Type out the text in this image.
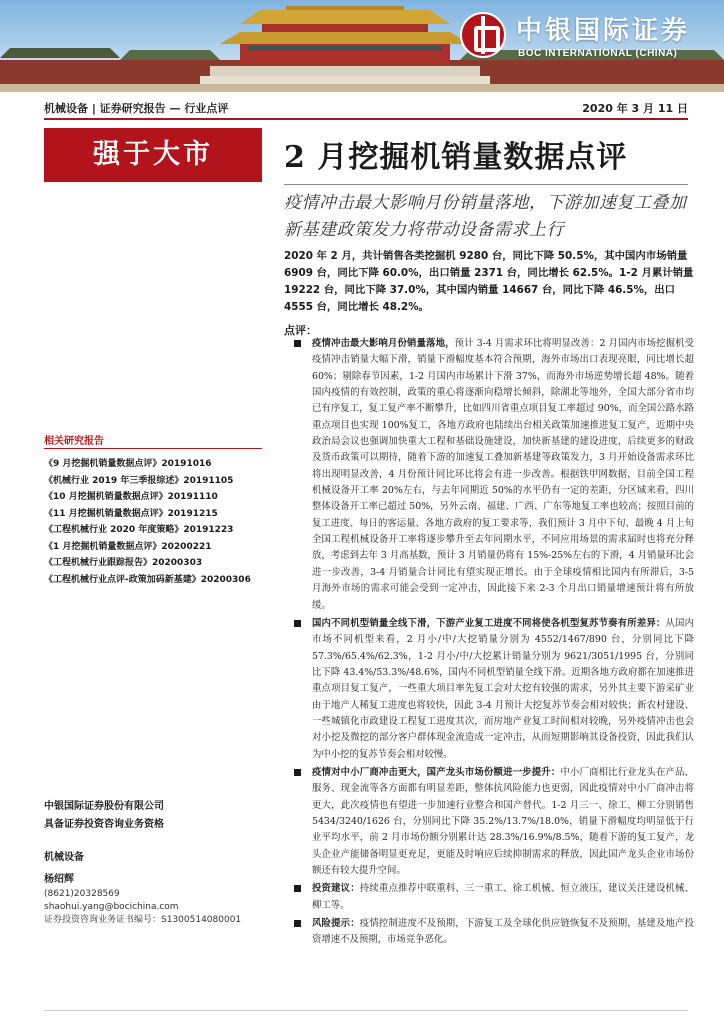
中银国际证券
BOC INTERNATIONAL (CHINA)
机械设备 | 证券研究报告 — 行业点评	2020 年 3 月 11 日
强于大市	2 月挖掘机销量数据点评
疫情冲击最大影响月份销量落地，下游加速复工叠加新基建政策发力将带动设备需求上行
2020 年 2 月，共计销售各类挖掘机 9280 台，同比下降 50.5%，其中国内市场销量 6909 台，同比下降 60.0%，出口销量 2371 台，同比增长 62.5%。1-2 月累计销量 19222 台，同比下降 37.0%，其中国内销量 14667 台，同比下降 46.5%，出口 4555 台，同比增长 48.2%。
点评：
疫情冲击最大影响月份销量落地，预计 3-4 月需求环比将明显改善：2 月国内市场挖掘机受疫情冲击销量大幅下滑，销量下滑幅度基本符合预期，海外市场出口表现亮眼，同比增长超 60%；剔除春节因素，1-2 月国内市场累计下滑 37%，而海外市场逆势增长超 48%。随着国内疫情的有效控制，政策的重心将逐渐向稳增长倾斜，除湖北等地外，全国大部分省市均已有序复工，复工复产率不断攀升，比如四川省重点项目复工率超过 90%，而全国公路水路重点项目也实现 100%复工，各地方政府也陆续出台相关政策加速推进复工复产，近期中央政治局会议也强调加快重大工程和基础设施建设，加快新基建的建设进度，后续更多的财政及货币政策可以期待，随着下游的加速复工叠加新基建等政策发力，3 月开始设备需求环比将出现明显改善，4 月份预计同比环比将会有进一步改善。根据铁甲网数据，目前全国工程机械设备开工率 20%左右，与去年同期近 50%的水平仍有一定的差距，分区域来看，四川整体设备开工率已超过 50%，另外云南、福建、广西、广东等地复工率也较高；按照目前的复工进度、每日的客运量、各地方政府的复工要求等，我们预计 3 月中下旬、最晚 4 月上旬全国工程机械设备开工率将逐步攀升至去年同期水平，不同应用场景的需求届时也将充分释放，考虑到去年 3 月高基数，预计 3 月销量仍将有 15%-25%左右的下滑，4 月销量环比会进一步改善，3-4 月销量合计同比有望实现正增长。由于全球疫情相比国内有所滞后，3-5 月海外市场的需求可能会受到一定冲击，因此接下来 2-3 个月出口销量增速预计将有所放缓。
国内不同机型销量全线下滑，下游产业复工进度不同将使各机型复苏节奏有所差异：从国内市场不同机型来看，2 月小/中/大挖销量分别为 4552/1467/890 台，分别同比下降 57.3%/65.4%/62.3%，1-2 月小/中/大挖累计销量分别为 9621/3051/1995 台，分别同比下降 43.4%/53.3%/48.6%，国内不同机型销量全线下滑。近期各地方政府都在加速推进重点项目复工复产，一些重大项目率先复工会对大挖有较强的需求，另外其主要下游采矿业由于地产人稀复工进度也将较快，因此 3-4 月预计大挖复苏节奏会相对较快；新农村建设、一些城镇化市政建设工程复工进度其次，而房地产业复工时间相对较晚，另外疫情冲击也会对小挖及微挖的部分客户群体现金流造成一定冲击，从而短期影响其设备投资，因此我们认为中小挖的复苏节奏会相对较慢。
疫情对中小厂商冲击更大，国产龙头市场份额进一步提升：中小厂商相比行业龙头在产品、服务、现金流等各方面都有明显差距，整体抗风险能力也更弱，因此疫情对中小厂商冲击将更大，此次疫情也有望进一步加速行业整合和国产替代。1-2 月三一、徐工、柳工分别销售 5434/3240/1626 台，分别同比下降 35.2%/13.7%/18.0%，销量下滑幅度均明显低于行业平均水平，前 2 月市场份额分别累计达 28.3%/16.9%/8.5%，随着下游的复工复产，龙头企业产能储备明显更充足，更能及时响应后续抑制需求的释放，因此国产龙头企业市场份额还有较大提升空间。
投资建议：持续重点推荐中联重科、三一重工、徐工机械、恒立液压，建议关注建设机械、柳工等。
风险提示：疫情控制进度不及预期，下游复工及全球化供应链恢复不及预期，基建及地产投资增速不及预期，市场竞争恶化。
相关研究报告
《9 月挖掘机销量数据点评》20191016
《机械行业 2019 年三季报综述》20191105
《10 月挖掘机销量数据点评》20191110
《11 月挖掘机销量数据点评》20191215
《工程机械行业 2020 年度策略》20191223
《1 月挖掘机销量数据点评》20200221
《工程机械行业跟踪报告》20200303
《工程机械行业点评-政策加码新基建》20200306
中银国际证券股份有限公司
具备证券投资咨询业务资格
机械设备
杨绍辉
(8621)20328569
shaohui.yang@bocichina.com
证券投资咨询业务证书编号：S1300514080001
